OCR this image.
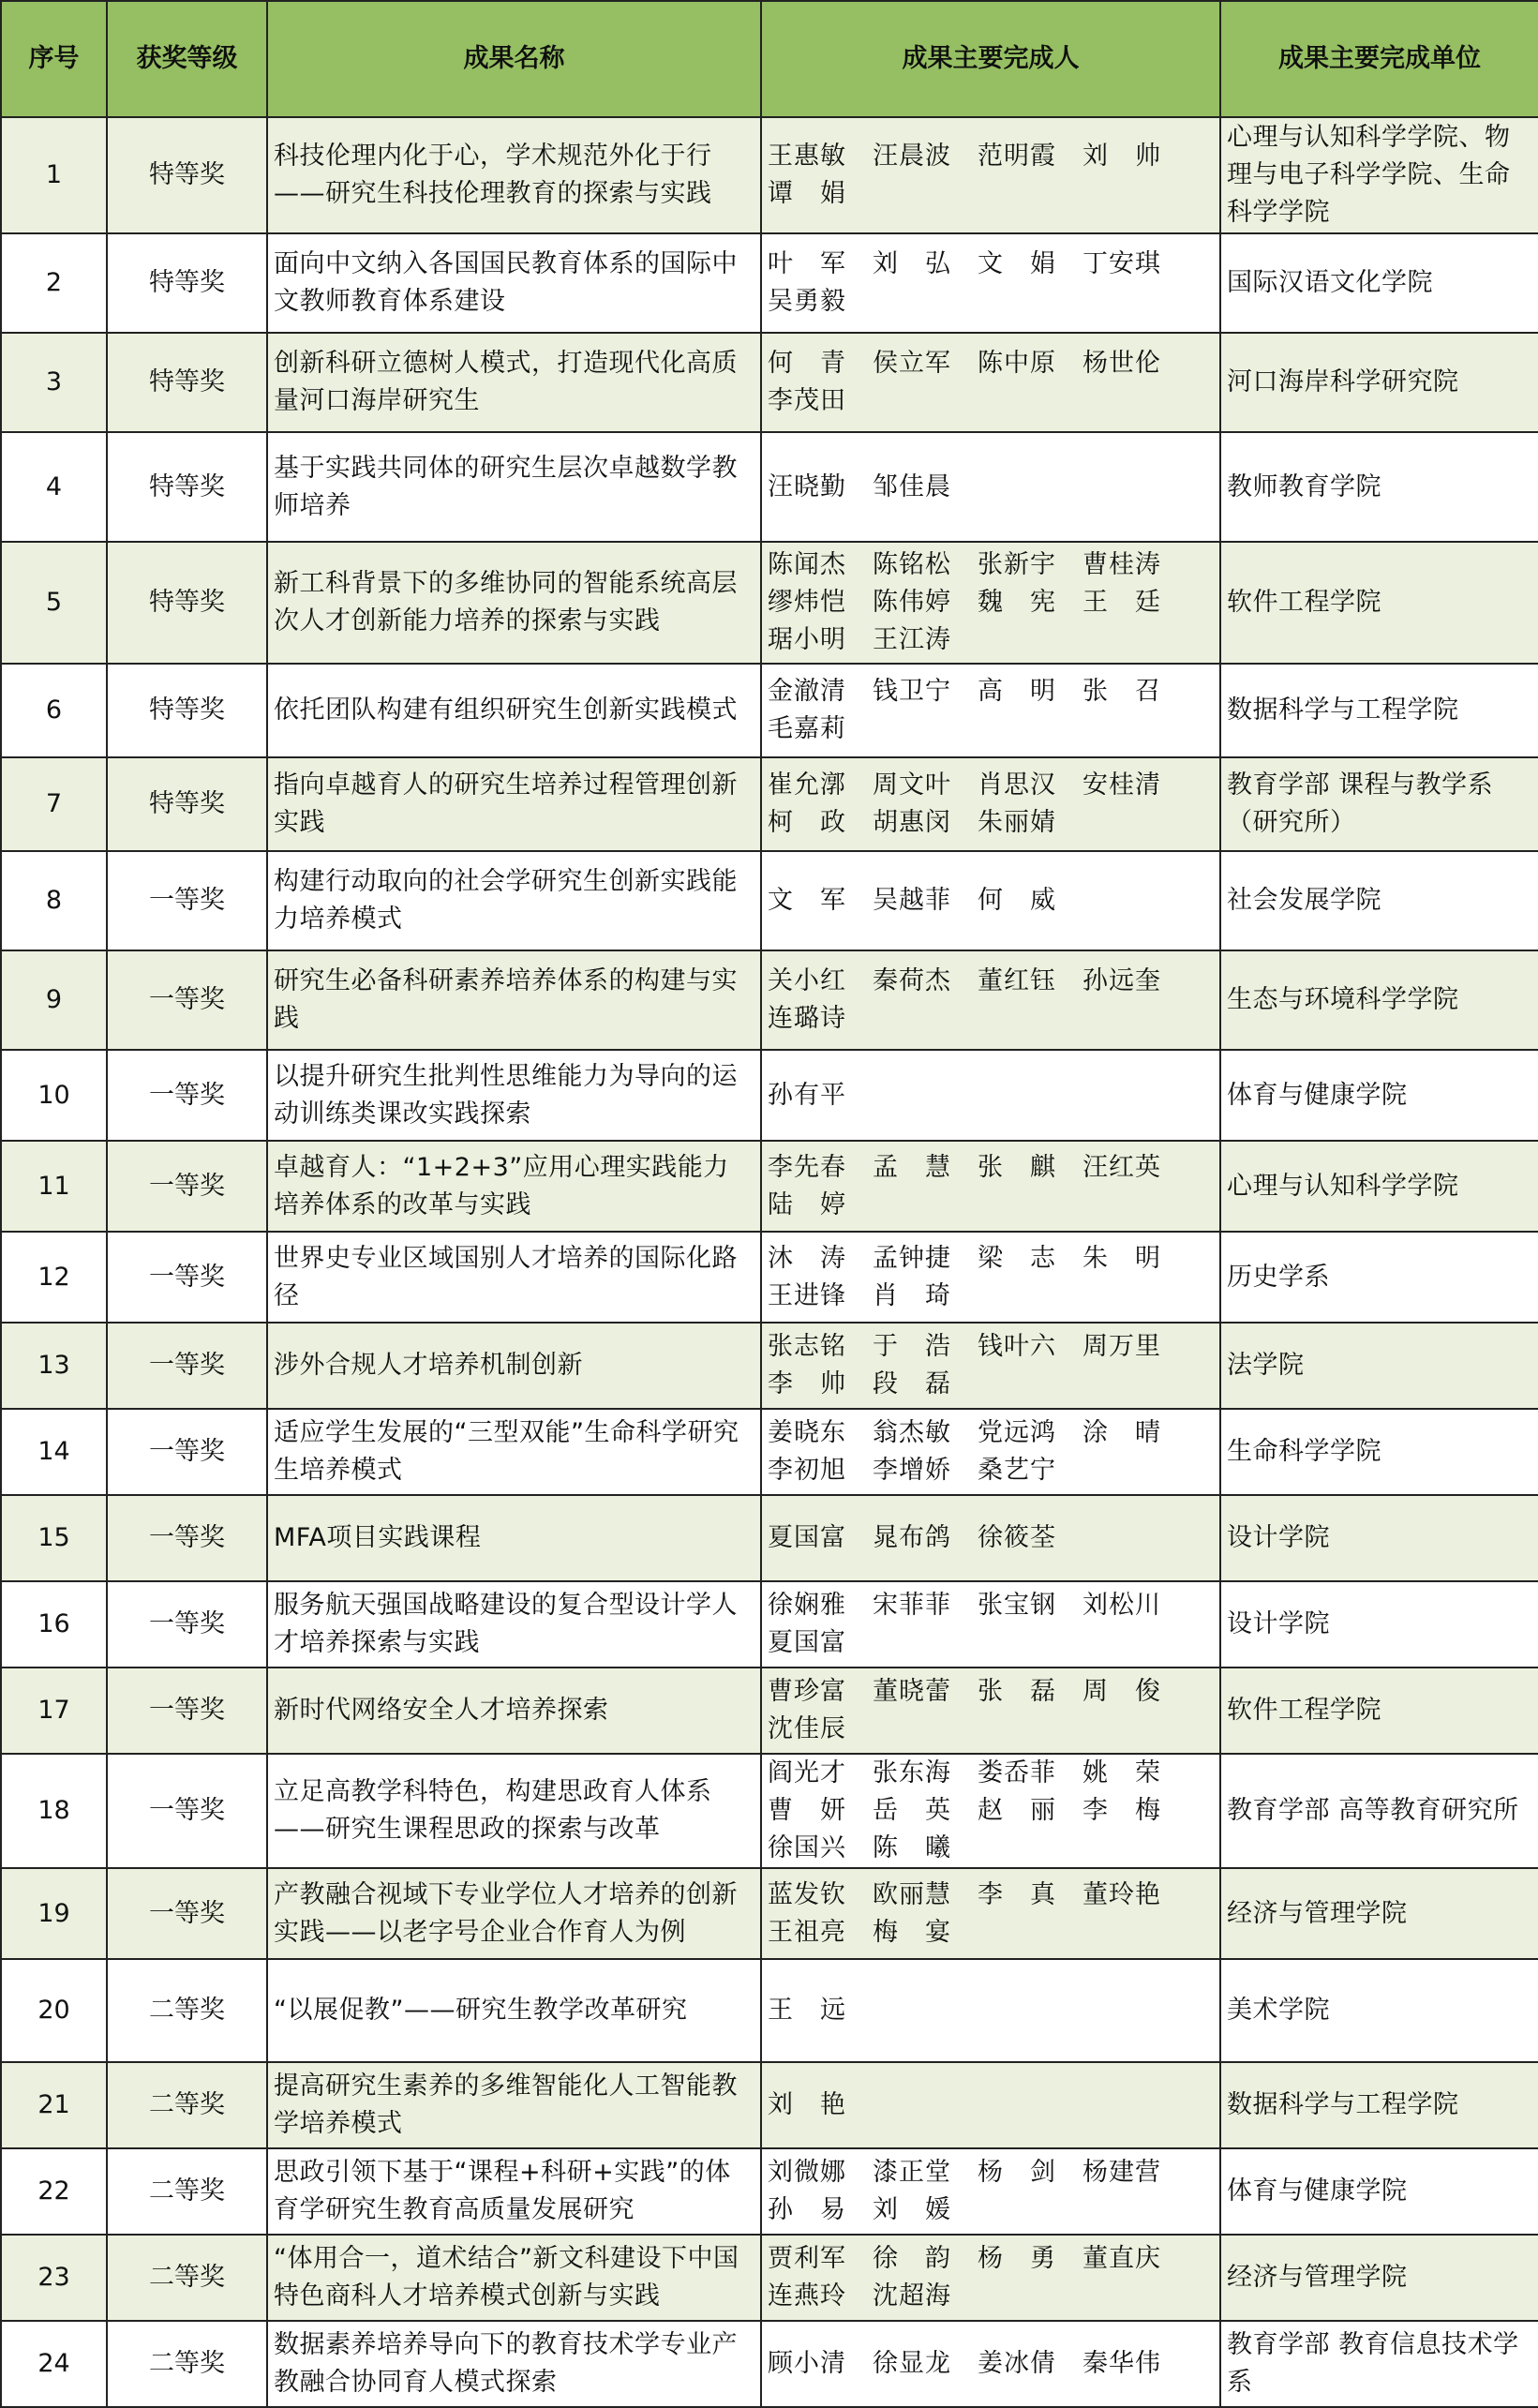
序号	获奖等级	成果名称	成果主要完成人	成果主要完成单位
1	特等奖	科技伦理内化于心，学术规范外化于行——研究生科技伦理教育的探索与实践	王惠敏　汪晨波　范明霞　刘　帅
谭　娟	心理与认知科学学院、物理与电子科学学院、生命科学学院
2	特等奖	面向中文纳入各国国民教育体系的国际中文教师教育体系建设	叶　军　刘　弘　文　娟　丁安琪
吴勇毅	国际汉语文化学院
3	特等奖	创新科研立德树人模式，打造现代化高质量河口海岸研究生	何　青　侯立军　陈中原　杨世伦
李茂田	河口海岸科学研究院
4	特等奖	基于实践共同体的研究生层次卓越数学教师培养	汪晓勤　邹佳晨	教师教育学院
5	特等奖	新工科背景下的多维协同的智能系统高层次人才创新能力培养的探索与实践	陈闻杰　陈铭松　张新宇　曹桂涛
缪炜恺　陈伟婷　魏　宪　王　廷
琚小明　王江涛	软件工程学院
6	特等奖	依托团队构建有组织研究生创新实践模式	金澈清　钱卫宁　高　明　张　召
毛嘉莉	数据科学与工程学院
7	特等奖	指向卓越育人的研究生培养过程管理创新实践	崔允漷　周文叶　肖思汉　安桂清
柯　政　胡惠闵　朱丽婧	教育学部 课程与教学系（研究所）
8	一等奖	构建行动取向的社会学研究生创新实践能力培养模式	文　军　吴越菲　何　威	社会发展学院
9	一等奖	研究生必备科研素养培养体系的构建与实践	关小红　秦荷杰　董红钰　孙远奎
连璐诗	生态与环境科学学院
10	一等奖	以提升研究生批判性思维能力为导向的运动训练类课改实践探索	孙有平	体育与健康学院
11	一等奖	卓越育人：“1+2+3”应用心理实践能力培养体系的改革与实践	李先春　孟　慧　张　麒　汪红英
陆　婷	心理与认知科学学院
12	一等奖	世界史专业区域国别人才培养的国际化路径	沐　涛　孟钟捷　梁　志　朱　明
王进锋　肖　琦	历史学系
13	一等奖	涉外合规人才培养机制创新	张志铭　于　浩　钱叶六　周万里
李　帅　段　磊	法学院
14	一等奖	适应学生发展的“三型双能”生命科学研究生培养模式	姜晓东　翁杰敏　党远鸿　涂　晴
李初旭　李增娇　桑艺宁	生命科学学院
15	一等奖	MFA项目实践课程	夏国富　晁布鸽　徐筱荃	设计学院
16	一等奖	服务航天强国战略建设的复合型设计学人才培养探索与实践	徐娴雅　宋菲菲　张宝钢　刘松川
夏国富	设计学院
17	一等奖	新时代网络安全人才培养探索	曹珍富　董晓蕾　张　磊　周　俊
沈佳辰	软件工程学院
18	一等奖	立足高教学科特色，构建思政育人体系——研究生课程思政的探索与改革	阎光才　张东海　娄岙菲　姚　荣
曹　妍　岳　英　赵　丽　李　梅
徐国兴　陈　曦	教育学部 高等教育研究所
19	一等奖	产教融合视域下专业学位人才培养的创新实践——以老字号企业合作育人为例	蓝发钦　欧丽慧　李　真　董玲艳
王祖亮　梅　宴	经济与管理学院
20	二等奖	“以展促教”——研究生教学改革研究	王　远	美术学院
21	二等奖	提高研究生素养的多维智能化人工智能教学培养模式	刘　艳	数据科学与工程学院
22	二等奖	思政引领下基于“课程+科研+实践”的体育学研究生教育高质量发展研究	刘微娜　漆正堂　杨　剑　杨建营
孙　易　刘　媛	体育与健康学院
23	二等奖	“体用合一，道术结合”新文科建设下中国特色商科人才培养模式创新与实践	贾利军　徐　韵　杨　勇　董直庆
连燕玲　沈超海	经济与管理学院
24	二等奖	数据素养培养导向下的教育技术学专业产教融合协同育人模式探索	顾小清　徐显龙　姜冰倩　秦华伟	教育学部 教育信息技术学系
